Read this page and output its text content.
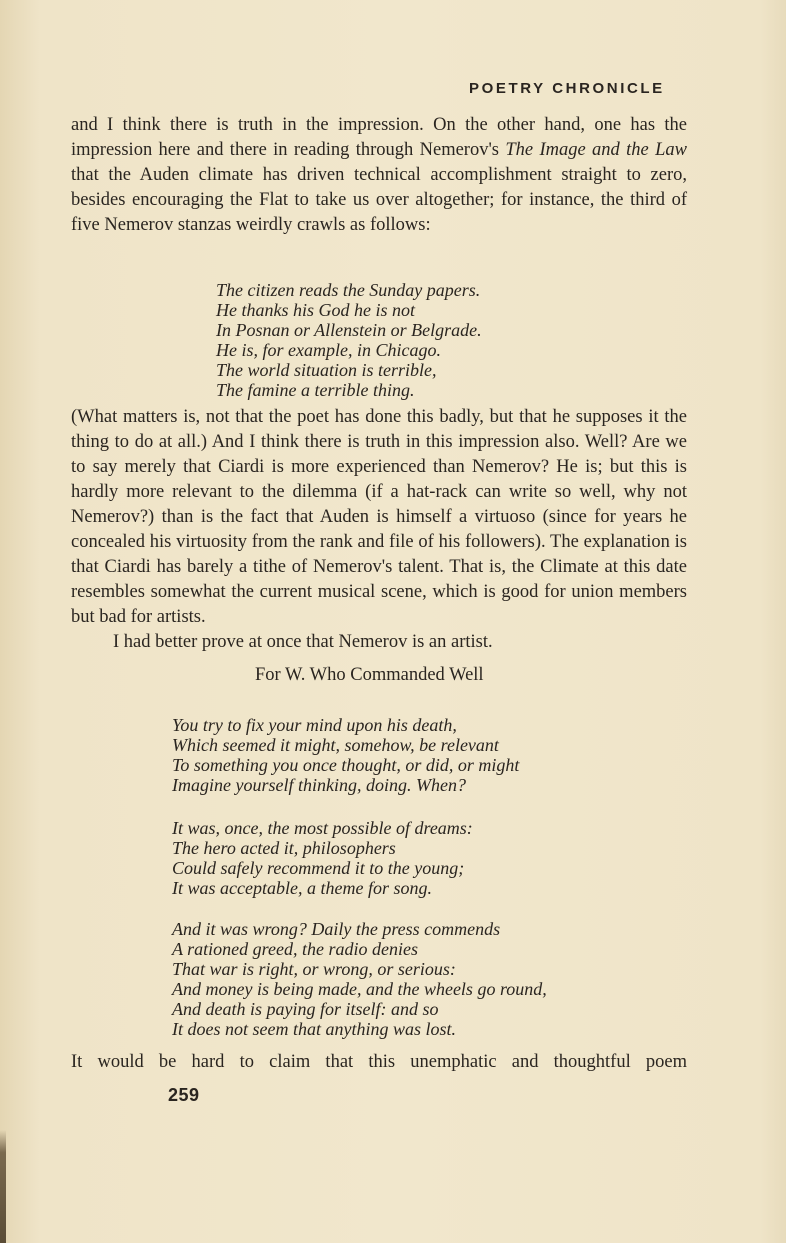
POETRY CHRONICLE

and I think there is truth in the impression. On the other hand, one has the impression here and there in reading through Nemerov's The Image and the Law that the Auden climate has driven technical accomplishment straight to zero, besides encouraging the Flat to take us over altogether; for instance, the third of five Nemerov stanzas weirdly crawls as follows:

The citizen reads the Sunday papers.
He thanks his God he is not
In Posnan or Allenstein or Belgrade.
He is, for example, in Chicago.
The world situation is terrible,
The famine a terrible thing.

(What matters is, not that the poet has done this badly, but that he supposes it the thing to do at all.) And I think there is truth in this impression also. Well? Are we to say merely that Ciardi is more experienced than Nemerov? He is; but this is hardly more relevant to the dilemma (if a hat-rack can write so well, why not Nemerov?) than is the fact that Auden is himself a virtuoso (since for years he concealed his virtuosity from the rank and file of his followers). The explanation is that Ciardi has barely a tithe of Nemerov's talent. That is, the Climate at this date resembles somewhat the current musical scene, which is good for union members but bad for artists.

I had better prove at once that Nemerov is an artist.

For W. Who Commanded Well
You try to fix your mind upon his death,
Which seemed it might, somehow, be relevant
To something you once thought, or did, or might
Imagine yourself thinking, doing. When?
It was, once, the most possible of dreams:
The hero acted it, philosophers
Could safely recommend it to the young;
It was acceptable, a theme for song.
And it was wrong? Daily the press commends
A rationed greed, the radio denies
That war is right, or wrong, or serious:
And money is being made, and the wheels go round,
And death is paying for itself: and so
It does not seem that anything was lost.
It would be hard to claim that this unemphatic and thoughtful poem
259
